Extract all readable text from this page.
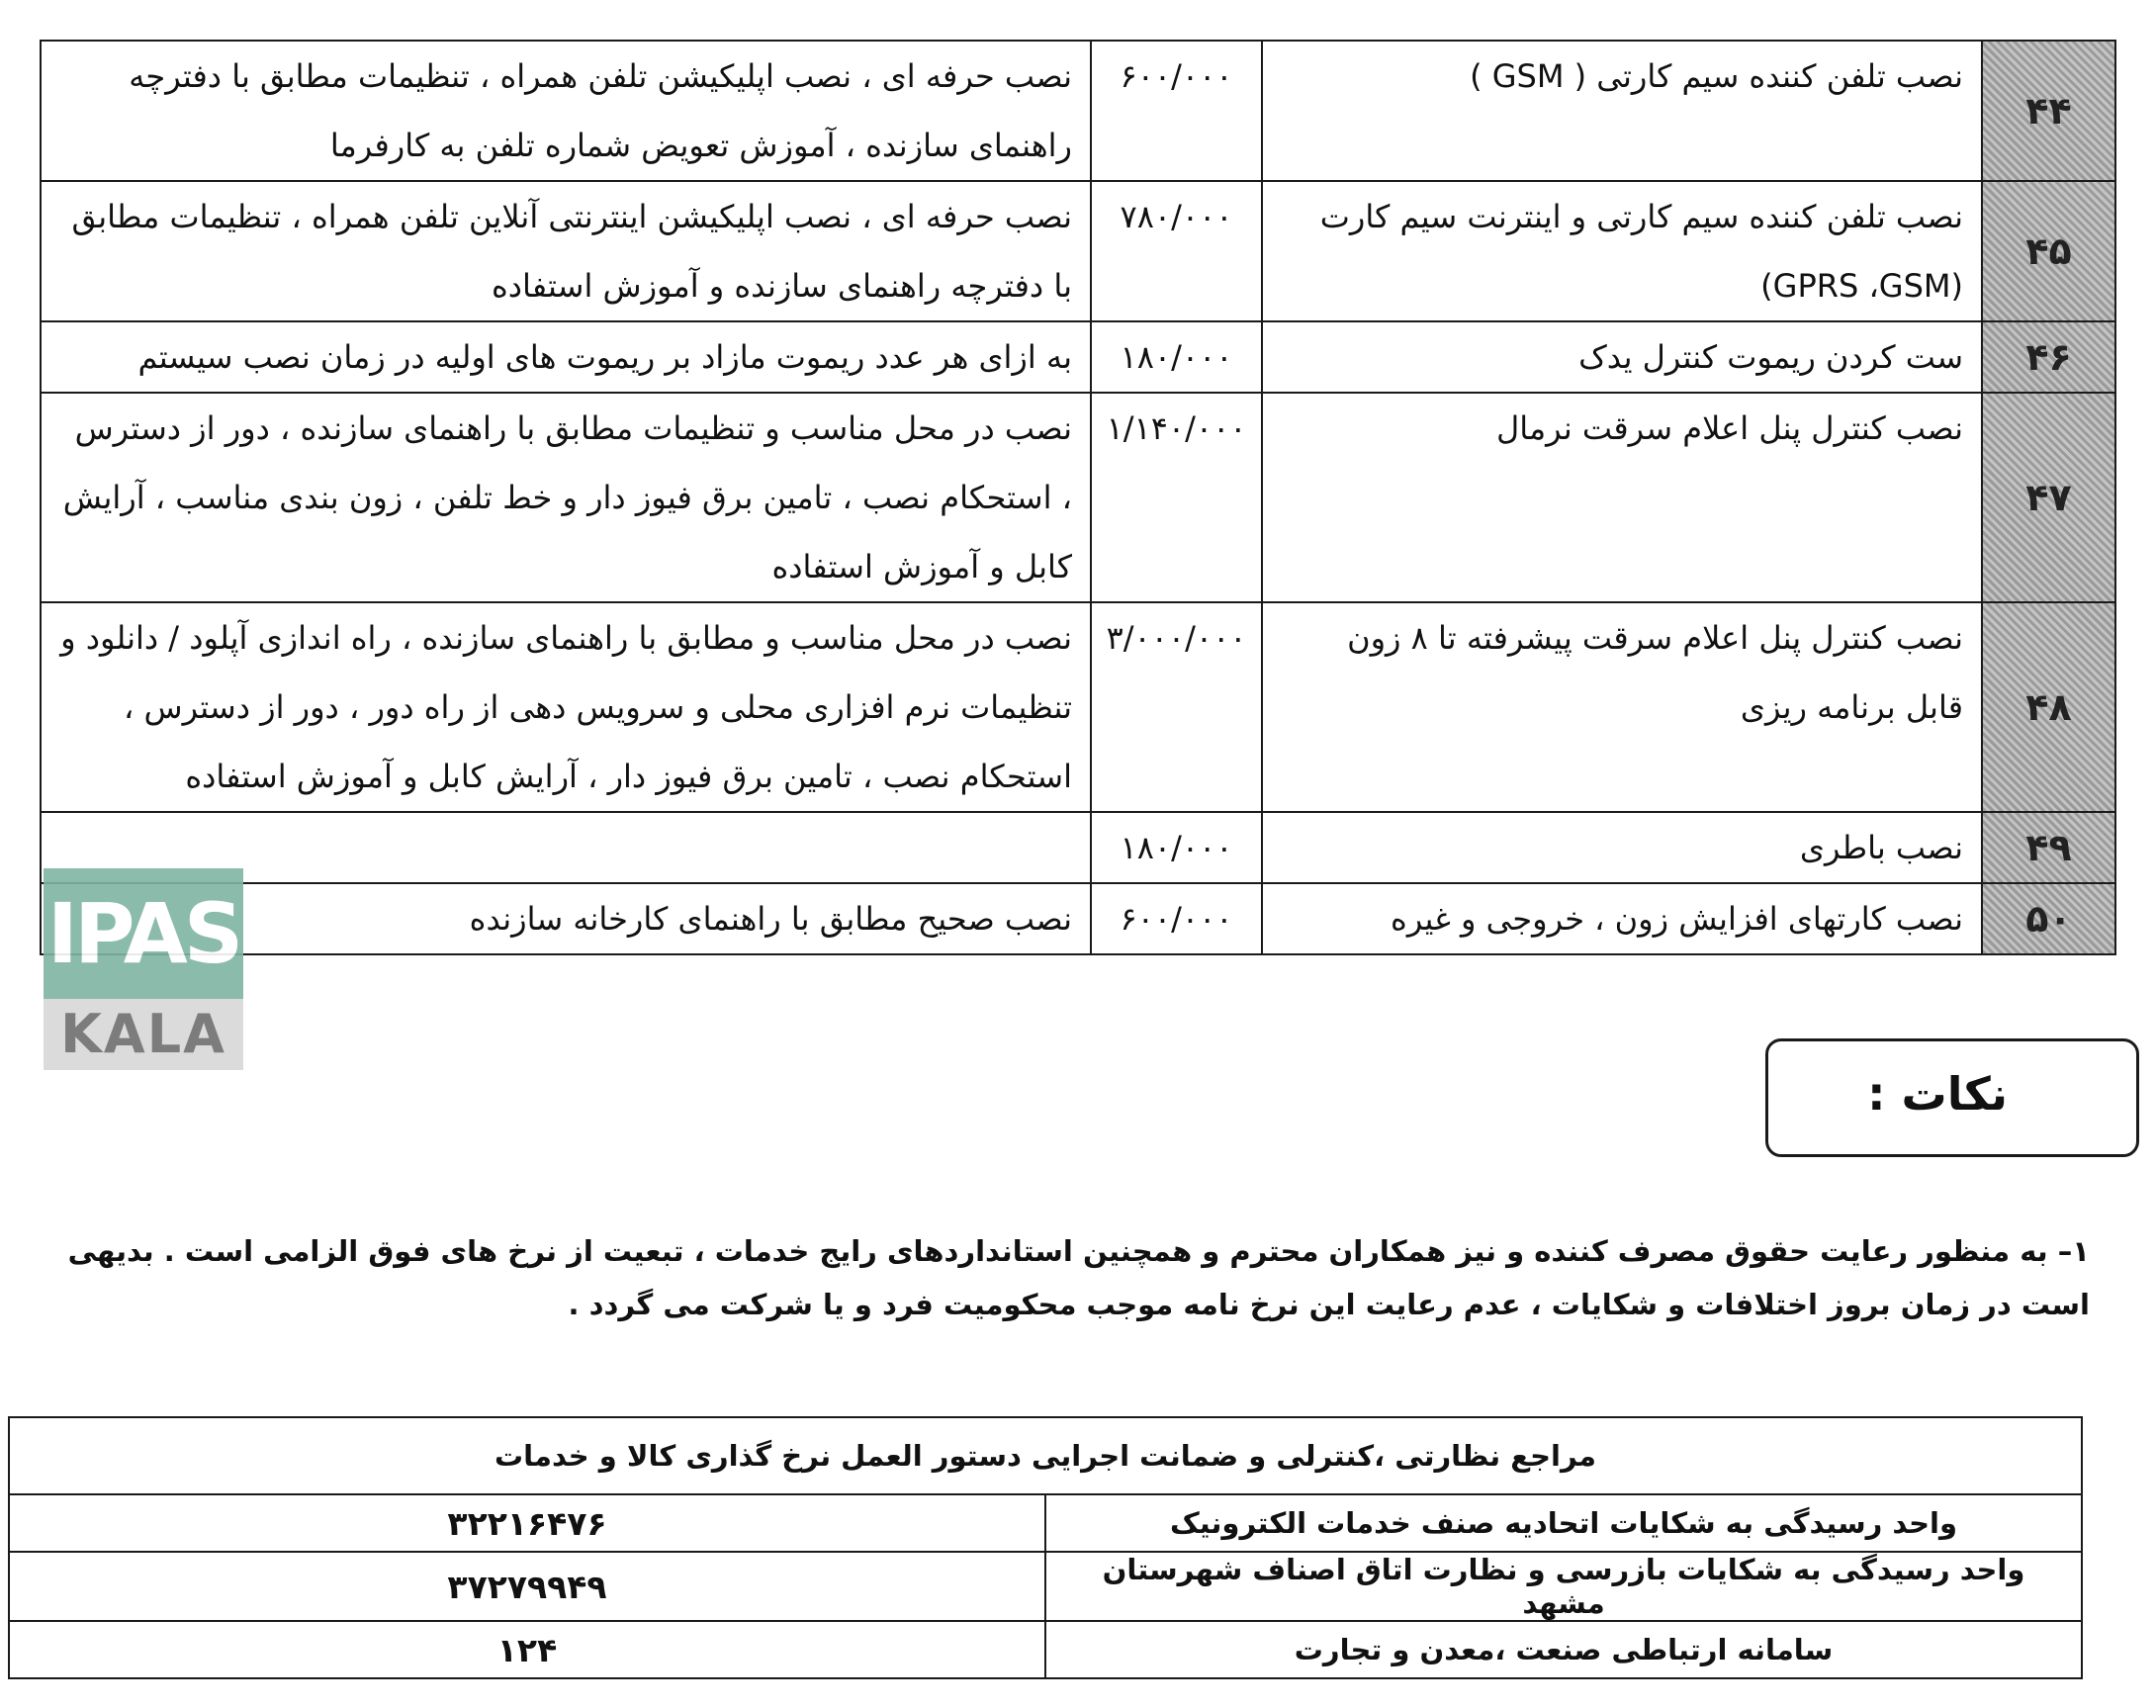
۴۴	نصب تلفن کننده سیم کارتی ( GSM )	۶۰۰/۰۰۰	نصب حرفه ای ، نصب اپلیکیشن تلفن همراه ، تنظیمات مطابق با دفترچه راهنمای سازنده ، آموزش تعویض شماره تلفن به کارفرما
۴۵	نصب تلفن کننده سیم کارتی و اینترنت سیم کارت (GPRS ،GSM)	۷۸۰/۰۰۰	نصب حرفه ای ، نصب اپلیکیشن اینترنتی آنلاین تلفن همراه ، تنظیمات مطابق با دفترچه راهنمای سازنده و آموزش استفاده
۴۶	ست کردن ریموت کنترل یدک	۱۸۰/۰۰۰	به ازای هر عدد ریموت مازاد بر ریموت های اولیه در زمان نصب سیستم
۴۷	نصب کنترل پنل اعلام سرقت نرمال	۱/۱۴۰/۰۰۰	نصب در محل مناسب و تنظیمات مطابق با راهنمای سازنده ، دور از دسترس ، استحکام نصب ، تامین برق فیوز دار و خط تلفن ، زون بندی مناسب ، آرایش کابل و آموزش استفاده
۴۸	نصب کنترل پنل اعلام سرقت پیشرفته تا ۸ زون قابل برنامه ریزی	۳/۰۰۰/۰۰۰	نصب در محل مناسب و مطابق با راهنمای سازنده ، راه اندازی آپلود / دانلود و تنظیمات نرم افزاری محلی و سرویس دهی از راه دور ، دور از دسترس ، استحکام نصب ، تامین برق فیوز دار ، آرایش کابل و آموزش استفاده
۴۹	نصب باطری	۱۸۰/۰۰۰	
۵۰	نصب کارتهای افزایش زون ، خروجی و غیره	۶۰۰/۰۰۰	نصب صحیح مطابق با راهنمای کارخانه سازنده
IPAS
KALA
نکات :
۱– به منظور رعایت حقوق مصرف کننده و نیز همکاران محترم و همچنین استانداردهای رایج خدمات ، تبعیت از نرخ های فوق الزامی است . بدیهی است در زمان بروز اختلافات و شکایات ، عدم رعایت این نرخ نامه موجب محکومیت فرد و یا شرکت می گردد .
مراجع نظارتی ،کنترلی و ضمانت اجرایی دستور العمل نرخ گذاری کالا و خدمات	
واحد رسیدگی به شکایات اتحادیه صنف خدمات الکترونیک	۳۲۲۱۶۴۷۶
واحد رسیدگی به شکایات بازرسی و نظارت اتاق اصناف شهرستان مشهد	۳۷۲۷۹۹۴۹
سامانه ارتباطی صنعت ،معدن و تجارت	۱۲۴
